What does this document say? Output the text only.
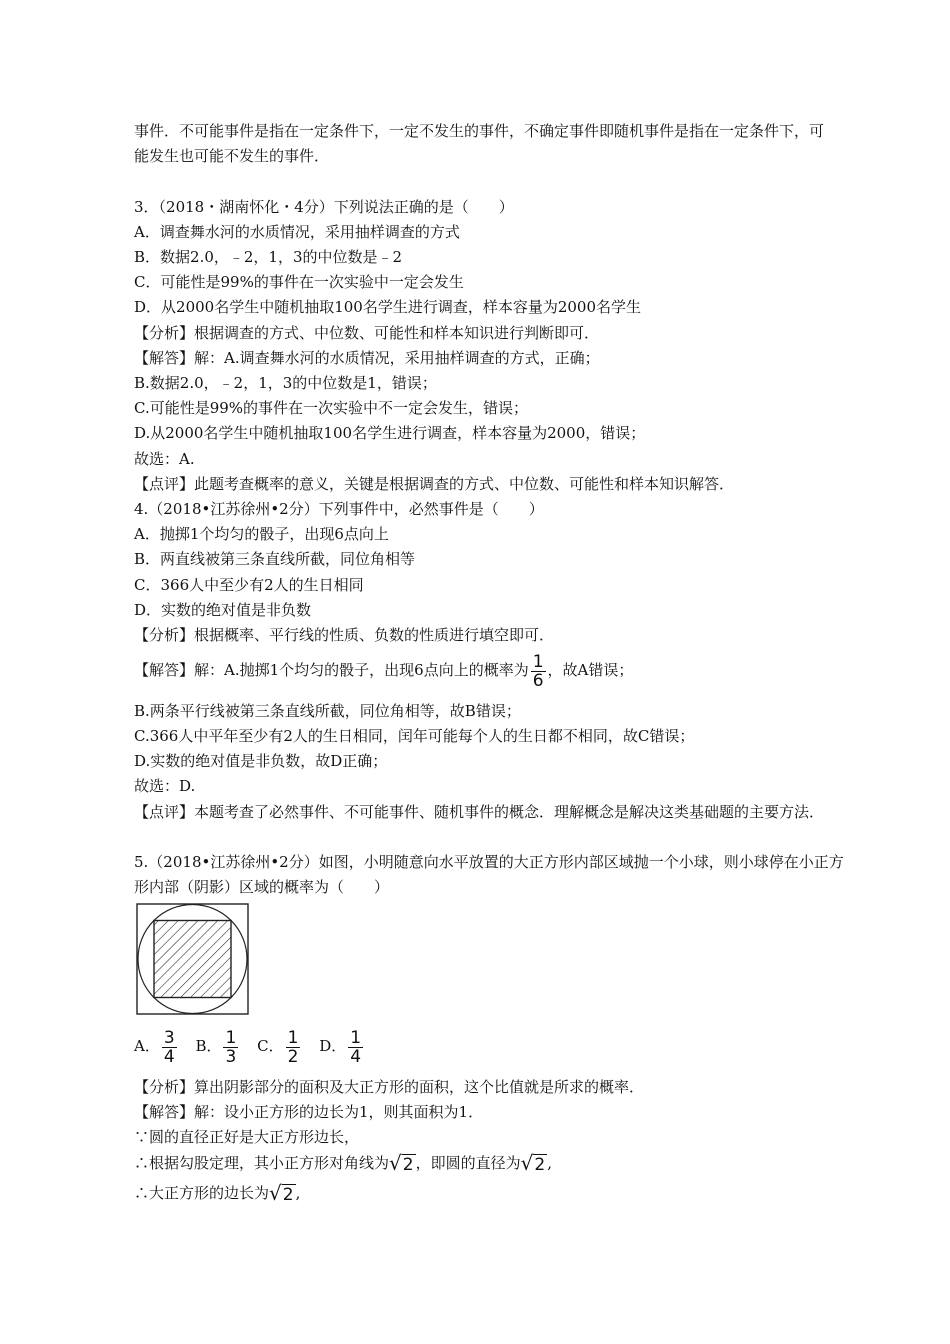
事件．不可能事件是指在一定条件下，一定不发生的事件，不确定事件即随机事件是指在一定条件下，可
能发生也可能不发生的事件．
3．（2018・湖南怀化・4分）下列说法正确的是（　　）
A．调查舞水河的水质情况，采用抽样调查的方式
B．数据2.0，﹣2，1，3的中位数是﹣2
C．可能性是99%的事件在一次实验中一定会发生
D．从2000名学生中随机抽取100名学生进行调查，样本容量为2000名学生
【分析】根据调查的方式、中位数、可能性和样本知识进行判断即可．
【解答】解：A.调查舞水河的水质情况，采用抽样调查的方式，正确；
B.数据2.0，﹣2，1，3的中位数是1，错误；
C.可能性是99%的事件在一次实验中不一定会发生，错误；
D.从2000名学生中随机抽取100名学生进行调查，样本容量为2000，错误；
故选：A.
【点评】此题考查概率的意义，关键是根据调查的方式、中位数、可能性和样本知识解答．
4.（2018•江苏徐州•2分）下列事件中，必然事件是（　　）
A．抛掷1个均匀的骰子，出现6点向上
B．两直线被第三条直线所截，同位角相等
C．366人中至少有2人的生日相同
D．实数的绝对值是非负数
【分析】根据概率、平行线的性质、负数的性质进行填空即可．
【解答】解：A.抛掷1个均匀的骰子，出现6点向上的概率为 $\frac{1}{6}$ ，故A错误；
B.两条平行线被第三条直线所截，同位角相等，故B错误；
C.366人中平年至少有2人的生日相同，闰年可能每个人的生日都不相同，故C错误；
D.实数的绝对值是非负数，故D正确；
故选：D.
【点评】本题考查了必然事件、不可能事件、随机事件的概念．理解概念是解决这类基础题的主要方法．
5.（2018•江苏徐州•2分）如图，小明随意向水平放置的大正方形内部区域抛一个小球，则小球停在小正方
形内部（阴影）区域的概率为（　　）
A． $\frac{3}{4}$ B． $\frac{1}{3}$ C． $\frac{1}{2}$ D． $\frac{1}{4}$
【分析】算出阴影部分的面积及大正方形的面积，这个比值就是所求的概率．
【解答】解：设小正方形的边长为1，则其面积为1．
∵圆的直径正好是大正方形边长，
∴根据勾股定理，其小正方形对角线为√2 ，即圆的直径为√2 ,
∴大正方形的边长为√2 ,
